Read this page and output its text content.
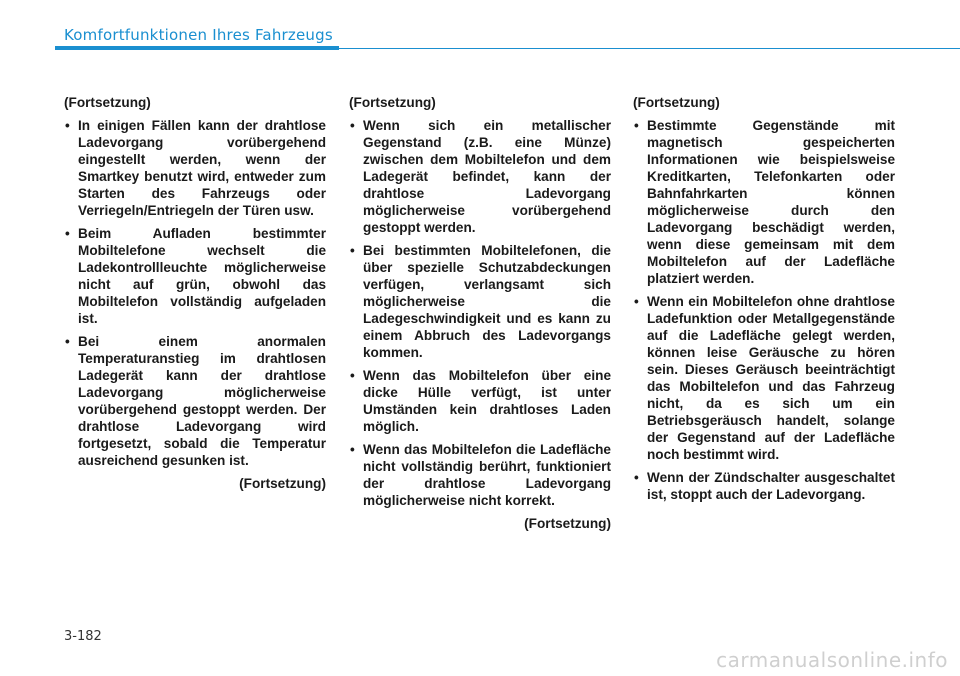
Komfortfunktionen Ihres Fahrzeugs
(Fortsetzung)
• In einigen Fällen kann der drahtlose Ladevorgang vorübergehend eingestellt werden, wenn der Smartkey benutzt wird, entweder zum Starten des Fahrzeugs oder Verriegeln/Entriegeln der Türen usw.
• Beim Aufladen bestimmter Mobiltelefone wechselt die Ladekontrollleuchte möglicherweise nicht auf grün, obwohl das Mobiltelefon vollständig aufgeladen ist.
• Bei einem anormalen Temperaturanstieg im drahtlosen Ladegerät kann der drahtlose Ladevorgang möglicherweise vorübergehend gestoppt werden. Der drahtlose Ladevorgang wird fortgesetzt, sobald die Temperatur ausreichend gesunken ist.
(Fortsetzung)
(Fortsetzung)
• Wenn sich ein metallischer Gegenstand (z.B. eine Münze) zwischen dem Mobiltelefon und dem Ladegerät befindet, kann der drahtlose Ladevorgang möglicherweise vorübergehend gestoppt werden.
• Bei bestimmten Mobiltelefonen, die über spezielle Schutzabdeckungen verfügen, verlangsamt sich möglicherweise die Ladegeschwindigkeit und es kann zu einem Abbruch des Ladevorgangs kommen.
• Wenn das Mobiltelefon über eine dicke Hülle verfügt, ist unter Umständen kein drahtloses Laden möglich.
• Wenn das Mobiltelefon die Ladefläche nicht vollständig berührt, funktioniert der drahtlose Ladevorgang möglicherweise nicht korrekt.
(Fortsetzung)
(Fortsetzung)
• Bestimmte Gegenstände mit magnetisch gespeicherten Informationen wie beispielsweise Kreditkarten, Telefonkarten oder Bahnfahrkarten können möglicherweise durch den Ladevorgang beschädigt werden, wenn diese gemeinsam mit dem Mobiltelefon auf der Ladefläche platziert werden.
• Wenn ein Mobiltelefon ohne drahtlose Ladefunktion oder Metallgegenstände auf die Ladefläche gelegt werden, können leise Geräusche zu hören sein. Dieses Geräusch beeinträchtigt das Mobiltelefon und das Fahrzeug nicht, da es sich um ein Betriebsgeräusch handelt, solange der Gegenstand auf der Ladefläche noch bestimmt wird.
• Wenn der Zündschalter ausgeschaltet ist, stoppt auch der Ladevorgang.
3-182
carmanualsonline.info
